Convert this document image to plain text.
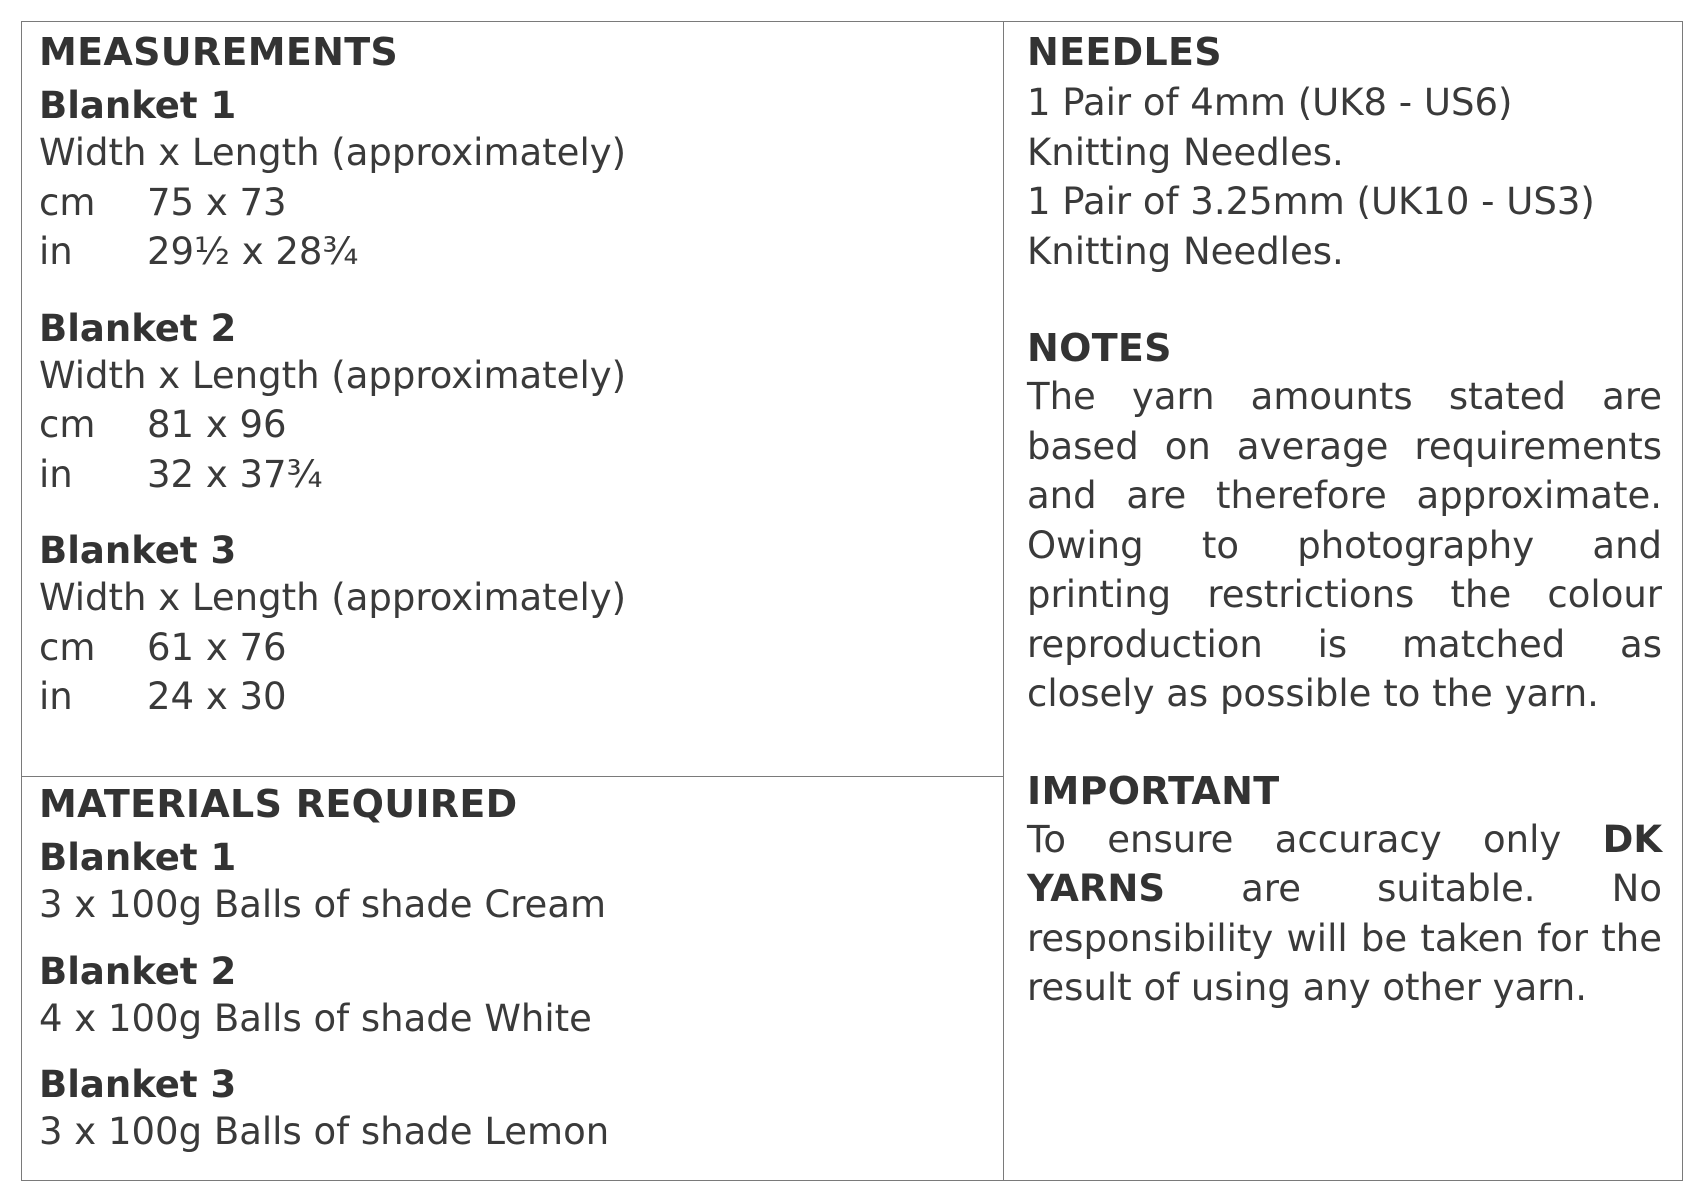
MEASUREMENTS
Blanket 1
Width x Length (approximately)
cm	75 x 73
in	29½ x 28¾
Blanket 2
Width x Length (approximately)
cm	81 x 96
in	32 x 37¾
Blanket 3
Width x Length (approximately)
cm	61 x 76
in	24 x 30
MATERIALS REQUIRED
Blanket 1
3 x 100g Balls of shade Cream
Blanket 2
4 x 100g Balls of shade White
Blanket 3
3 x 100g Balls of shade Lemon
NEEDLES
1 Pair of 4mm (UK8 - US6)
Knitting Needles.
1 Pair of 3.25mm (UK10 - US3)
Knitting Needles.
NOTES
The yarn amounts stated are based on average requirements and are therefore approximate. Owing to photography and printing restrictions the colour reproduction is matched as closely as possible to the yarn.
IMPORTANT
To ensure accuracy only DK YARNS are suitable. No responsibility will be taken for the result of using any other yarn.
